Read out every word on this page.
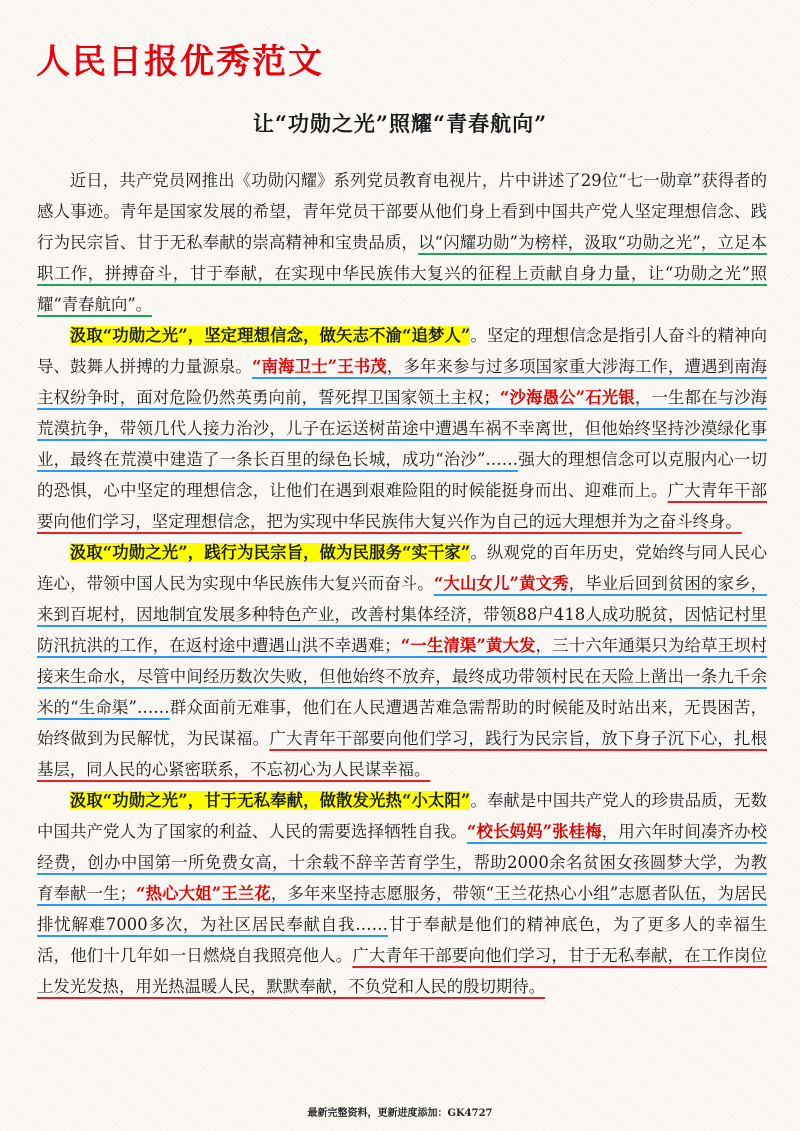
人民日报优秀范文
让“功勋之光”照耀“青春航向”

近日，共产党员网推出《功勋闪耀》系列党员教育电视片，片中讲述了29位“七一勋章”获得者的感人事迹。青年是国家发展的希望，青年党员干部要从他们身上看到中国共产党人坚定理想信念、践行为民宗旨、甘于无私奉献的崇高精神和宝贵品质，以“闪耀功勋”为榜样，汲取“功勋之光”，立足本职工作，拼搏奋斗，甘于奉献，在实现中华民族伟大复兴的征程上贡献自身力量，让“功勋之光”照耀“青春航向”。

汲取“功勋之光”，坚定理想信念，做矢志不渝“追梦人”。坚定的理想信念是指引人奋斗的精神向导、鼓舞人拼搏的力量源泉。“南海卫士”王书茂，多年来参与过多项国家重大涉海工作，遭遇到南海主权纷争时，面对危险仍然英勇向前，誓死捍卫国家领土主权；“沙海愚公”石光银，一生都在与沙海荒漠抗争，带领几代人接力治沙，儿子在运送树苗途中遭遇车祸不幸离世，但他始终坚持沙漠绿化事业，最终在荒漠中建造了一条长百里的绿色长城，成功“治沙”……强大的理想信念可以克服内心一切的恐惧，心中坚定的理想信念，让他们在遇到艰难险阻的时候能挺身而出、迎难而上。广大青年干部要向他们学习，坚定理想信念，把为实现中华民族伟大复兴作为自己的远大理想并为之奋斗终身。

汲取“功勋之光”，践行为民宗旨，做为民服务“实干家”。纵观党的百年历史，党始终与同人民心连心，带领中国人民为实现中华民族伟大复兴而奋斗。“大山女儿”黄文秀，毕业后回到贫困的家乡，来到百坭村，因地制宜发展多种特色产业，改善村集体经济，带领88户418人成功脱贫，因惦记村里防汛抗洪的工作，在返村途中遭遇山洪不幸遇难；“一生清渠”黄大发，三十六年通渠只为给草王坝村接来生命水，尽管中间经历数次失败，但他始终不放弃，最终成功带领村民在天险上凿出一条九千余米的“生命渠”……群众面前无难事，他们在人民遭遇苦难急需帮助的时候能及时站出来，无畏困苦，始终做到为民解忧，为民谋福。广大青年干部要向他们学习，践行为民宗旨，放下身子沉下心，扎根基层，同人民的心紧密联系，不忘初心为人民谋幸福。

汲取“功勋之光”，甘于无私奉献，做散发光热“小太阳”。奉献是中国共产党人的珍贵品质，无数中国共产党人为了国家的利益、人民的需要选择牺牲自我。“校长妈妈”张桂梅，用六年时间凑齐办校经费，创办中国第一所免费女高，十余载不辞辛苦育学生，帮助2000余名贫困女孩圆梦大学，为教育奉献一生；“热心大姐”王兰花，多年来坚持志愿服务，带领“王兰花热心小组”志愿者队伍，为居民排忧解难7000多次，为社区居民奉献自我……甘于奉献是他们的精神底色，为了更多人的幸福生活，他们十几年如一日燃烧自我照亮他人。广大青年干部要向他们学习，甘于无私奉献，在工作岗位上发光发热，用光热温暖人民，默默奉献，不负党和人民的殷切期待。

最新完整资料，更新进度添加：GK4727
